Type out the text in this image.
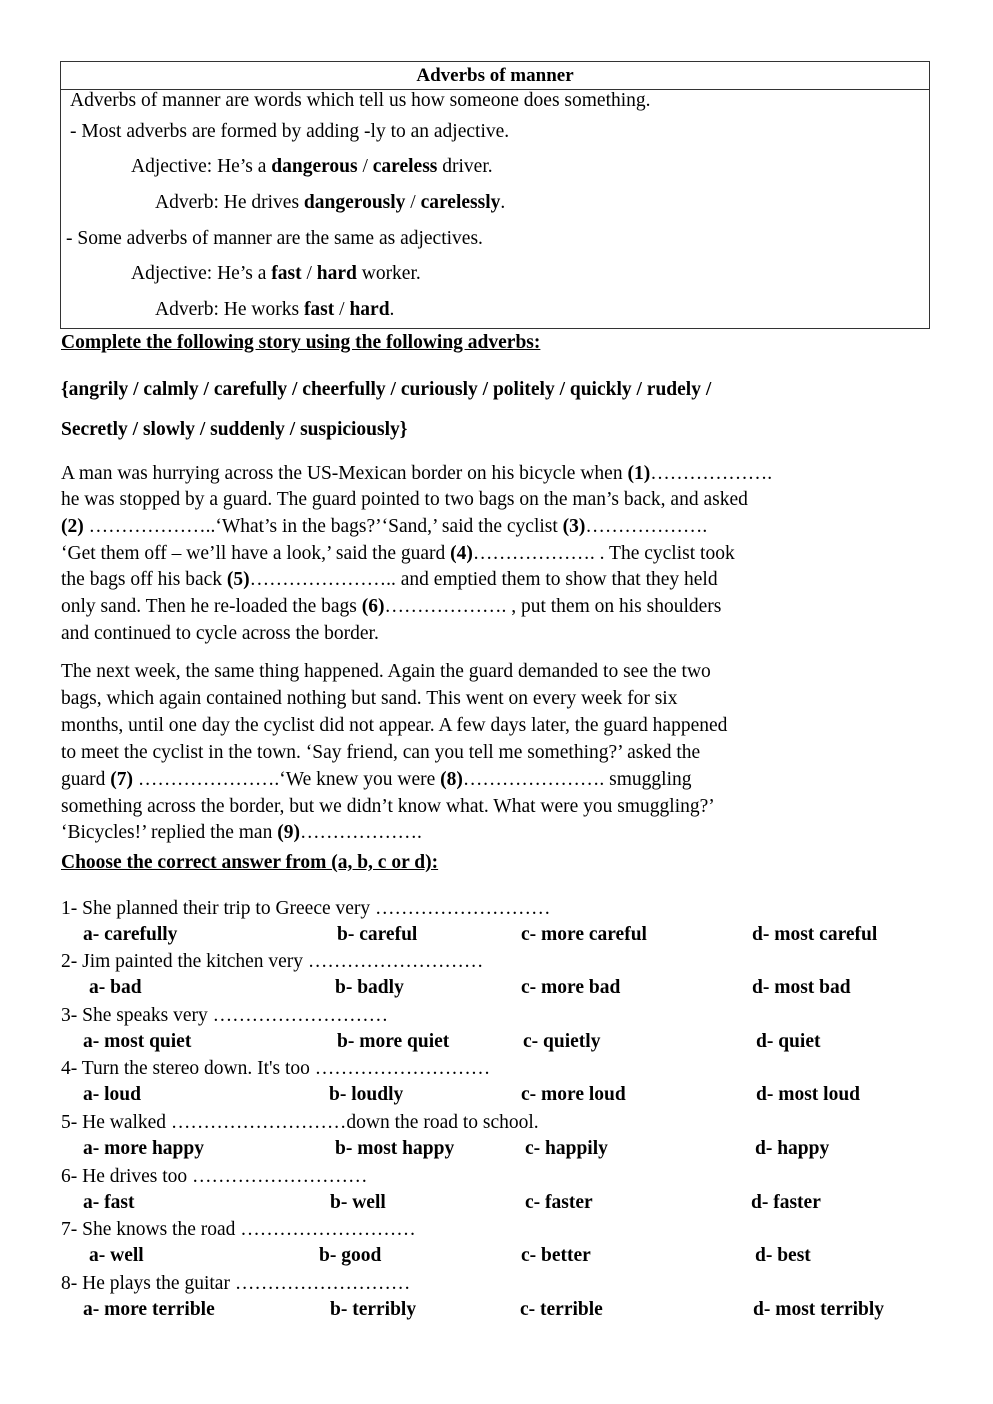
Adverbs of manner
Adverbs of manner are words which tell us how someone does something.
- Most adverbs are formed by adding -ly to an adjective.
Adjective: He’s a dangerous / careless driver.
Adverb: He drives dangerously / carelessly.
- Some adverbs of manner are the same as adjectives.
Adjective: He’s a fast / hard worker.
Adverb: He works fast / hard.
Complete the following story using the following adverbs:
{angrily / calmly / carefully / cheerfully / curiously / politely / quickly / rudely /
Secretly / slowly / suddenly / suspiciously}
A man was hurrying across the US-Mexican border on his bicycle when (1)……………….
he was stopped by a guard. The guard pointed to two bags on the man’s back, and asked
(2) ………………..‘What’s in the bags?’‘Sand,’ said the cyclist (3)……………….
‘Get them off – we’ll have a look,’ said the guard (4)………………. . The cyclist took
the bags off his back (5)………………….. and emptied them to show that they held
only sand. Then he re-loaded the bags (6)………………. , put them on his shoulders
and continued to cycle across the border.
The next week, the same thing happened. Again the guard demanded to see the two
bags, which again contained nothing but sand. This went on every week for six
months, until one day the cyclist did not appear. A few days later, the guard happened
to meet the cyclist in the town. ‘Say friend, can you tell me something?’ asked the
guard (7) ………………….‘We knew you were (8)…………………. smuggling
something across the border, but we didn’t know what. What were you smuggling?’
‘Bicycles!’ replied the man (9)……………….
Choose the correct answer from (a, b, c or d):
1- She planned their trip to Greece very ………………………
a- carefully	b- careful	c- more careful	d- most careful
2- Jim painted the kitchen very ………………………
a- bad	b- badly	c- more bad	d- most bad
3- She speaks very ………………………
a- most quiet	b- more quiet	c- quietly	d- quiet
4- Turn the stereo down. It's too ………………………
a- loud	b- loudly	c- more loud	d- most loud
5- He walked ………………………down the road to school.
a- more happy	b- most happy	c- happily	d- happy
6- He drives too ………………………
a- fast	b- well	c- faster	d- faster
7- She knows the road ………………………
a- well	b- good	c- better	d- best
8- He plays the guitar ………………………
a- more terrible	b- terribly	c- terrible	d- most terribly
